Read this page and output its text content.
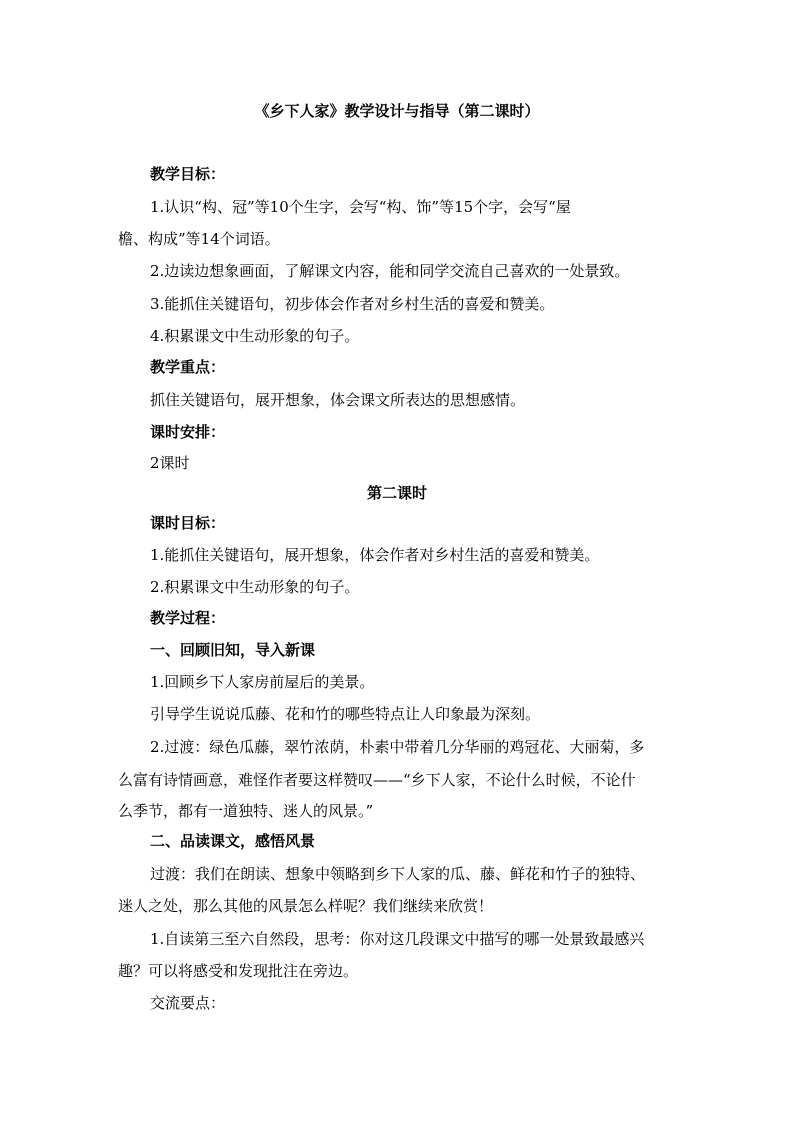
《乡下人家》教学设计与指导（第二课时）
教学目标：
1.认识“构、冠”等10个生字，会写“构、饰”等15个字，会写“屋
檐、构成”等14个词语。
2.边读边想象画面，了解课文内容，能和同学交流自己喜欢的一处景致。
3.能抓住关键语句，初步体会作者对乡村生活的喜爱和赞美。
4.积累课文中生动形象的句子。
教学重点：
抓住关键语句，展开想象，体会课文所表达的思想感情。
课时安排：
2课时
第二课时
课时目标：
1.能抓住关键语句，展开想象，体会作者对乡村生活的喜爱和赞美。
2.积累课文中生动形象的句子。
教学过程：
一、回顾旧知，导入新课
1.回顾乡下人家房前屋后的美景。
引导学生说说瓜藤、花和竹的哪些特点让人印象最为深刻。
2.过渡：绿色瓜藤，翠竹浓荫，朴素中带着几分华丽的鸡冠花、大丽菊，多
么富有诗情画意，难怪作者要这样赞叹——“乡下人家，不论什么时候，不论什
么季节，都有一道独特、迷人的风景。”
二、品读课文，感悟风景
过渡：我们在朗读、想象中领略到乡下人家的瓜、藤、鲜花和竹子的独特、
迷人之处，那么其他的风景怎么样呢？我们继续来欣赏！
1.自读第三至六自然段，思考：你对这几段课文中描写的哪一处景致最感兴
趣？可以将感受和发现批注在旁边。
交流要点：
